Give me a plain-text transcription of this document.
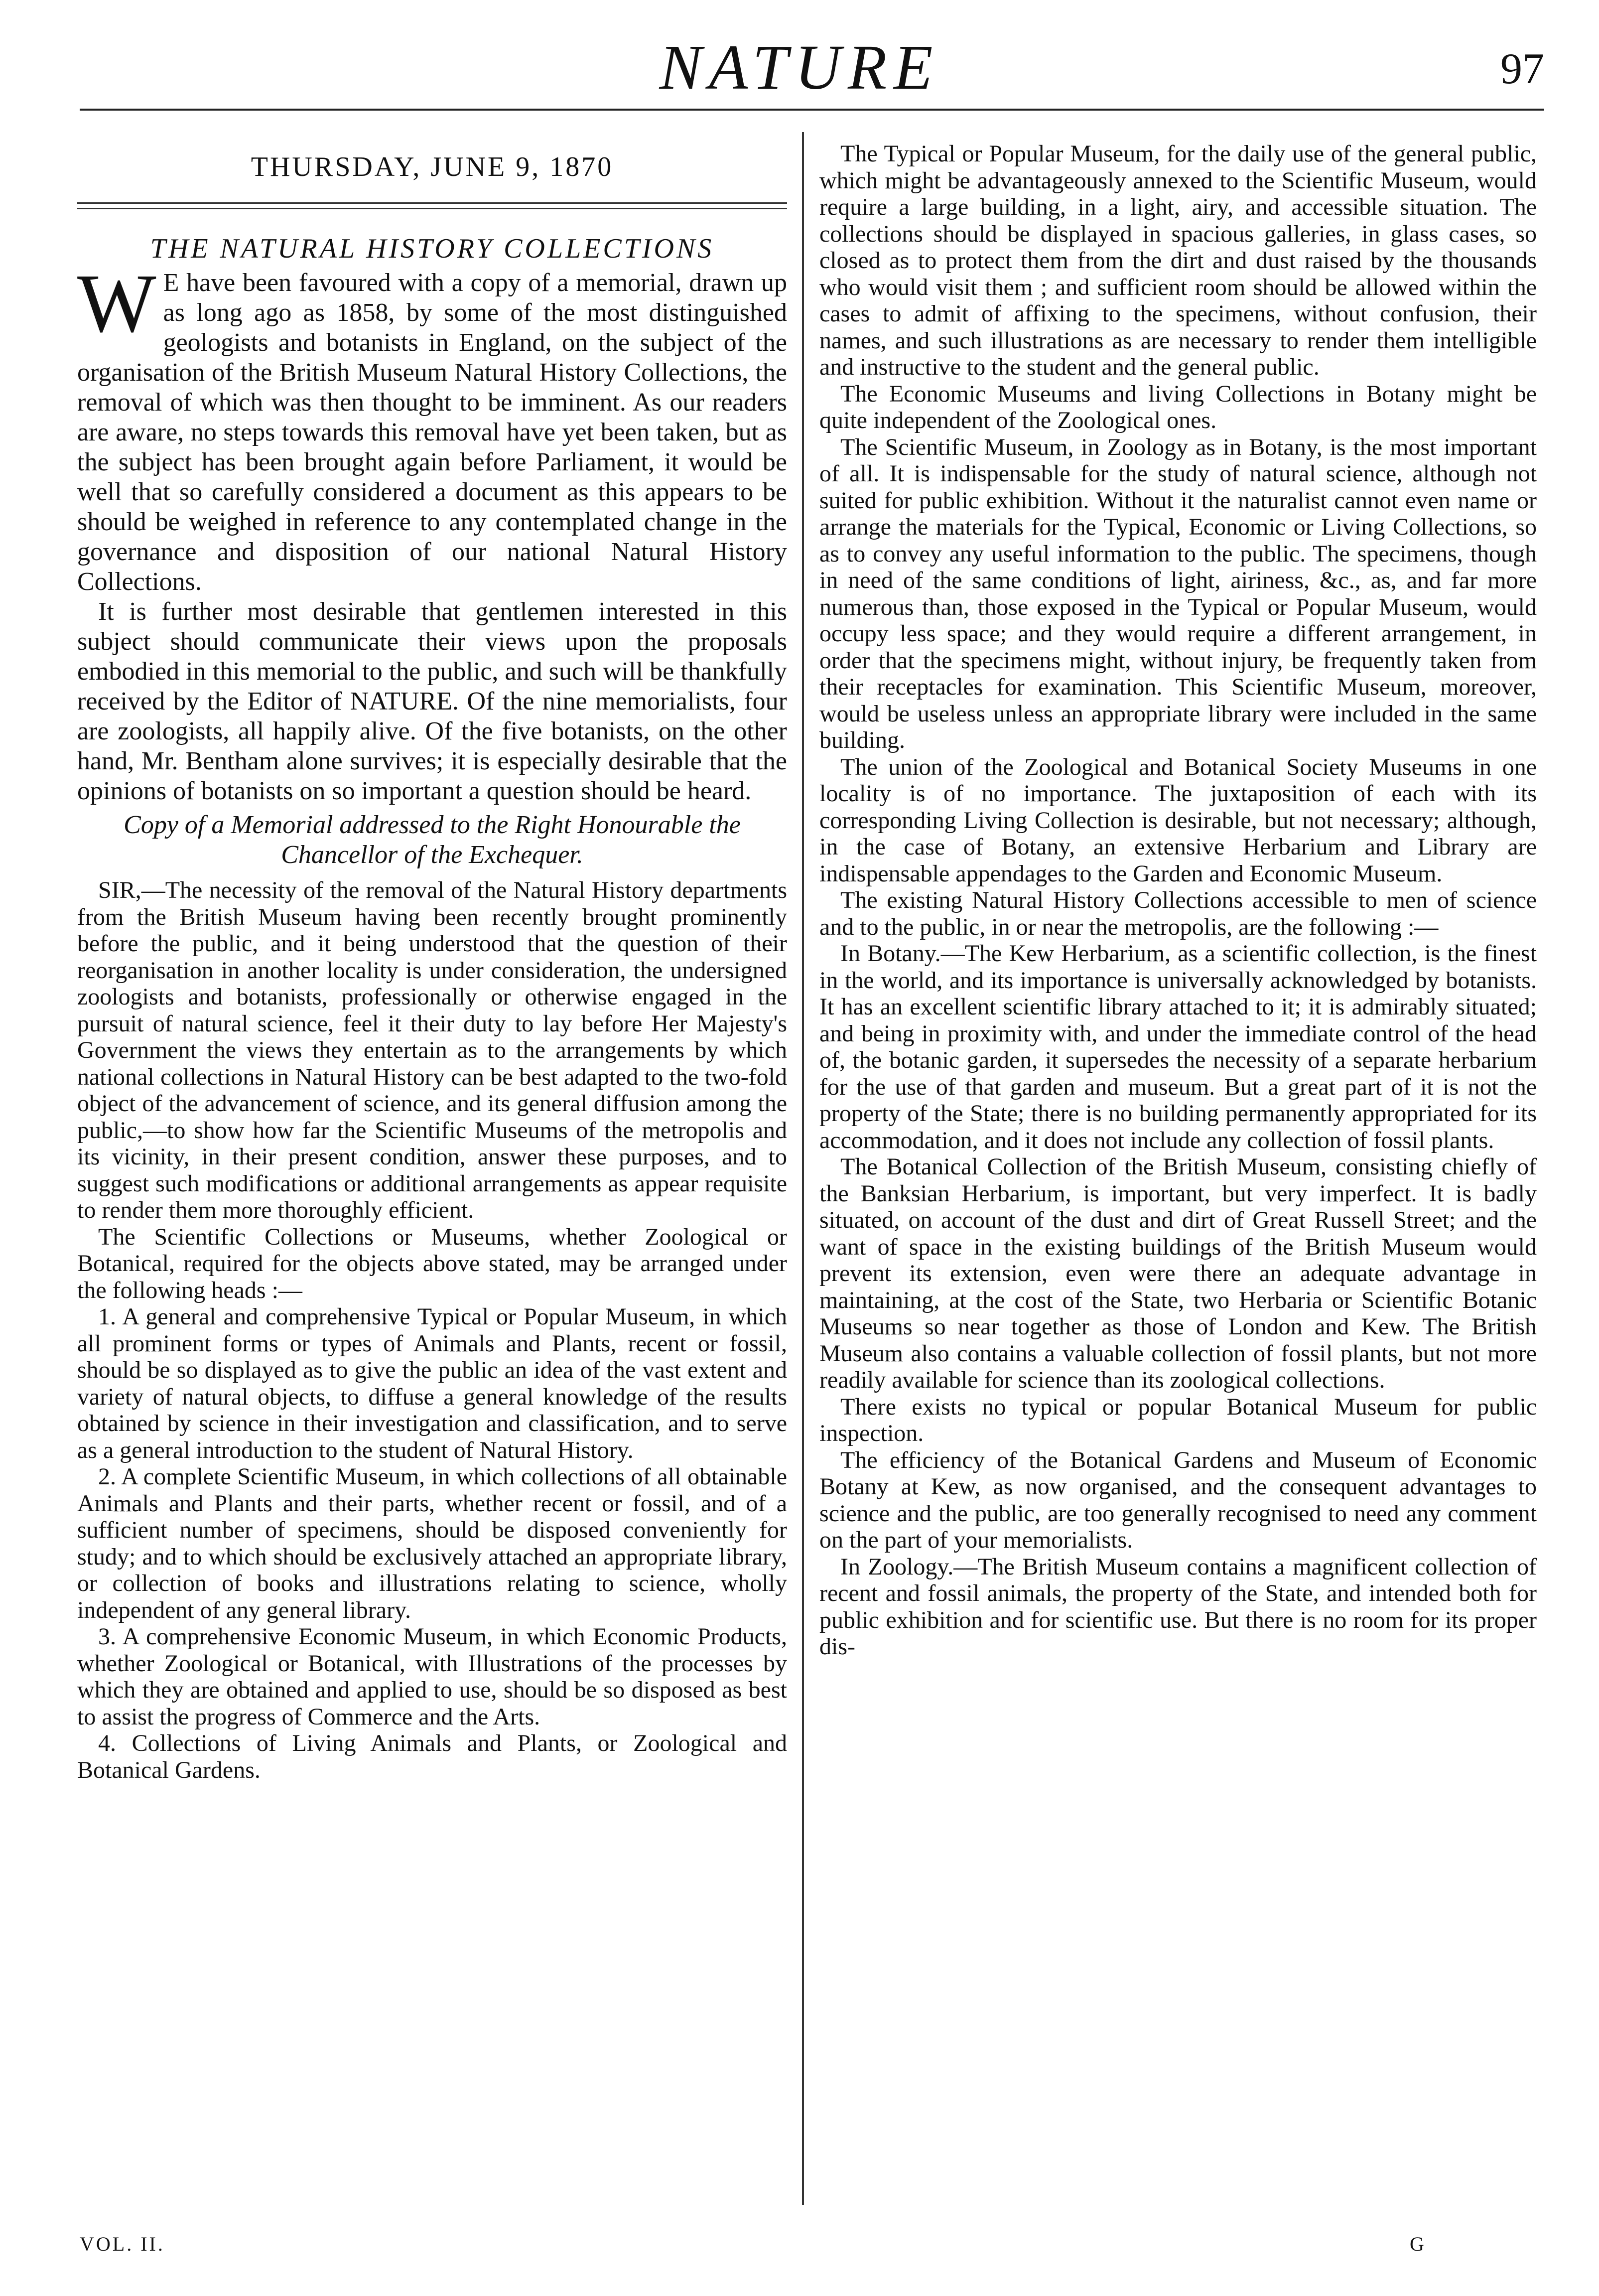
NATURE	97
THURSDAY, JUNE 9, 1870
THE NATURAL HISTORY COLLECTIONS
W E have been favoured with a copy of a memorial, drawn up as long ago as 1858, by some of the most distinguished geologists and botanists in England, on the subject of the organisation of the British Museum Natural History Collections, the removal of which was then thought to be imminent. As our readers are aware, no steps towards this removal have yet been taken, but as the subject has been brought again before Parliament, it would be well that so carefully considered a document as this appears to be should be weighed in reference to any contemplated change in the governance and disposition of our national Natural History Collections.

It is further most desirable that gentlemen interested in this subject should communicate their views upon the proposals embodied in this memorial to the public, and such will be thankfully received by the Editor of NATURE. Of the nine memorialists, four are zoologists, all happily alive. Of the five botanists, on the other hand, Mr. Bentham alone survives; it is especially desirable that the opinions of botanists on so important a question should be heard.

Copy of a Memorial addressed to the Right Honourable the Chancellor of the Exchequer.

SIR,—The necessity of the removal of the Natural History departments from the British Museum having been recently brought prominently before the public, and it being understood that the question of their reorganisation in another locality is under consideration, the undersigned zoologists and botanists, professionally or otherwise engaged in the pursuit of natural science, feel it their duty to lay before Her Majesty's Government the views they entertain as to the arrangements by which national collections in Natural History can be best adapted to the two-fold object of the advancement of science, and its general diffusion among the public,—to show how far the Scientific Museums of the metropolis and its vicinity, in their present condition, answer these purposes, and to suggest such modifications or additional arrangements as appear requisite to render them more thoroughly efficient.

The Scientific Collections or Museums, whether Zoological or Botanical, required for the objects above stated, may be arranged under the following heads :—

1. A general and comprehensive Typical or Popular Museum, in which all prominent forms or types of Animals and Plants, recent or fossil, should be so displayed as to give the public an idea of the vast extent and variety of natural objects, to diffuse a general knowledge of the results obtained by science in their investigation and classification, and to serve as a general introduction to the student of Natural History.

2. A complete Scientific Museum, in which collections of all obtainable Animals and Plants and their parts, whether recent or fossil, and of a sufficient number of specimens, should be disposed conveniently for study; and to which should be exclusively attached an appropriate library, or collection of books and illustrations relating to science, wholly independent of any general library.

3. A comprehensive Economic Museum, in which Economic Products, whether Zoological or Botanical, with Illustrations of the processes by which they are obtained and applied to use, should be so disposed as best to assist the progress of Commerce and the Arts.

4. Collections of Living Animals and Plants, or Zoological and Botanical Gardens.

The Typical or Popular Museum, for the daily use of the general public, which might be advantageously annexed to the Scientific Museum, would require a large building, in a light, airy, and accessible situation. The collections should be displayed in spacious galleries, in glass cases, so closed as to protect them from the dirt and dust raised by the thousands who would visit them ; and sufficient room should be allowed within the cases to admit of affixing to the specimens, without confusion, their names, and such illustrations as are necessary to render them intelligible and instructive to the student and the general public.

The Economic Museums and living Collections in Botany might be quite independent of the Zoological ones.

The Scientific Museum, in Zoology as in Botany, is the most important of all. It is indispensable for the study of natural science, although not suited for public exhibition. Without it the naturalist cannot even name or arrange the materials for the Typical, Economic or Living Collections, so as to convey any useful information to the public. The specimens, though in need of the same conditions of light, airiness, &c., as, and far more numerous than, those exposed in the Typical or Popular Museum, would occupy less space; and they would require a different arrangement, in order that the specimens might, without injury, be frequently taken from their receptacles for examination. This Scientific Museum, moreover, would be useless unless an appropriate library were included in the same building.

The union of the Zoological and Botanical Society Museums in one locality is of no importance. The juxtaposition of each with its corresponding Living Collection is desirable, but not necessary; although, in the case of Botany, an extensive Herbarium and Library are indispensable appendages to the Garden and Economic Museum.

The existing Natural History Collections accessible to men of science and to the public, in or near the metropolis, are the following :—

In Botany.—The Kew Herbarium, as a scientific collection, is the finest in the world, and its importance is universally acknowledged by botanists. It has an excellent scientific library attached to it; it is admirably situated; and being in proximity with, and under the immediate control of the head of, the botanic garden, it supersedes the necessity of a separate herbarium for the use of that garden and museum. But a great part of it is not the property of the State; there is no building permanently appropriated for its accommodation, and it does not include any collection of fossil plants.

The Botanical Collection of the British Museum, consisting chiefly of the Banksian Herbarium, is important, but very imperfect. It is badly situated, on account of the dust and dirt of Great Russell Street; and the want of space in the existing buildings of the British Museum would prevent its extension, even were there an adequate advantage in maintaining, at the cost of the State, two Herbaria or Scientific Botanic Museums so near together as those of London and Kew. The British Museum also contains a valuable collection of fossil plants, but not more readily available for science than its zoological collections.

There exists no typical or popular Botanical Museum for public inspection.

The efficiency of the Botanical Gardens and Museum of Economic Botany at Kew, as now organised, and the consequent advantages to science and the public, are too generally recognised to need any comment on the part of your memorialists.

In Zoology.—The British Museum contains a magnificent collection of recent and fossil animals, the property of the State, and intended both for public exhibition and for scientific use. But there is no room for its proper dis-

VOL. II.	G
